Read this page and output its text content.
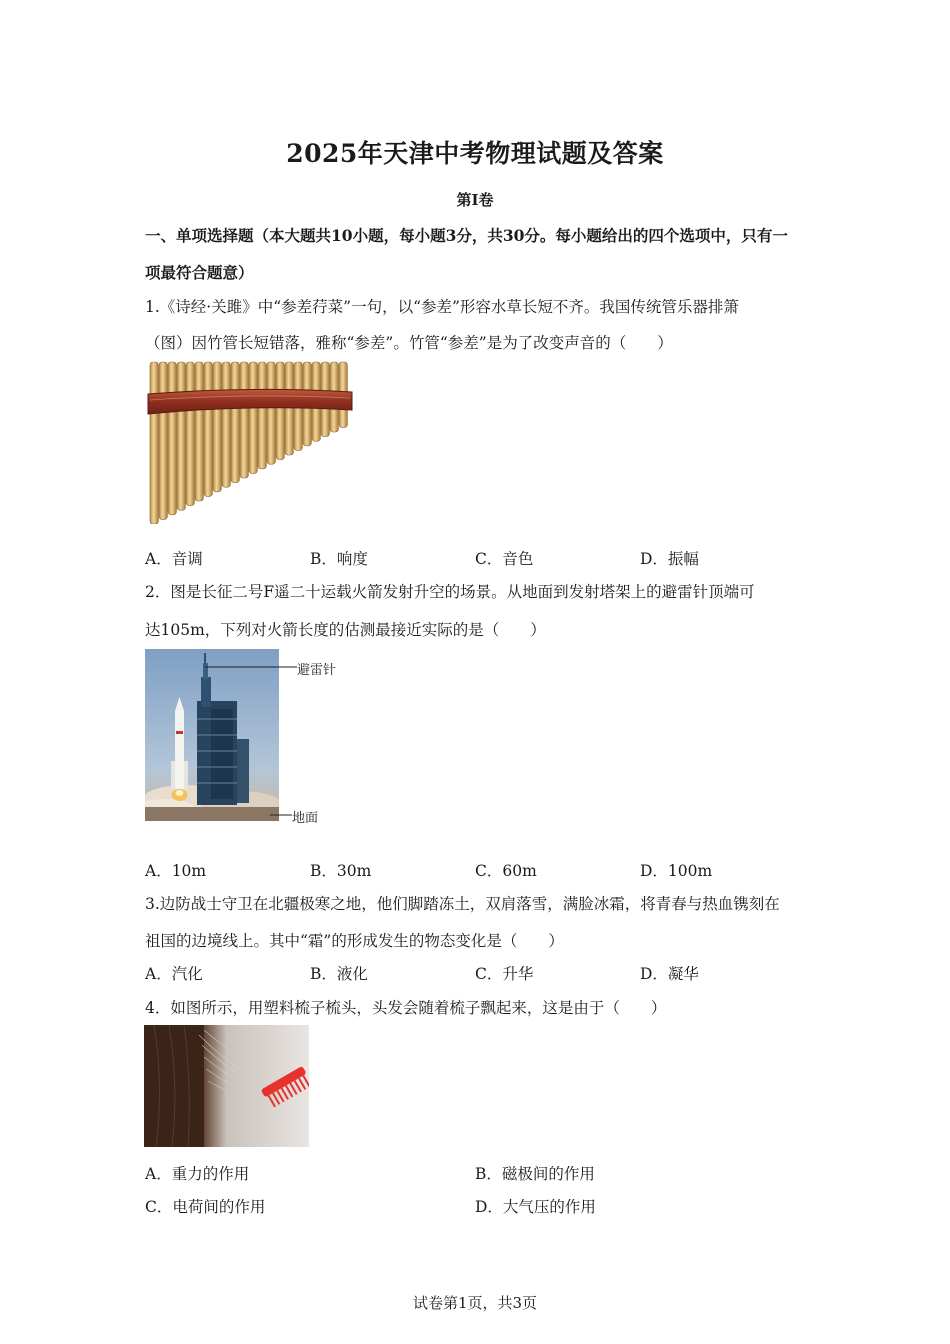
2025年天津中考物理试题及答案
第Ⅰ卷
一、单项选择题（本大题共10小题，每小题3分，共30分。每小题给出的四个选项中，只有一
项最符合题意）
1.《诗经·关雎》中“参差荇菜”一句，以“参差”形容水草长短不齐。我国传统管乐器排箫
（图）因竹管长短错落，雅称“参差”。竹管“参差”是为了改变声音的（　　）
A．音调	B．响度	C．音色	D．振幅
2．图是长征二号F遥二十运载火箭发射升空的场景。从地面到发射塔架上的避雷针顶端可
达105m，下列对火箭长度的估测最接近实际的是（　　）
避雷针
地面
A．10m	B．30m	C．60m	D．100m
3.边防战士守卫在北疆极寒之地，他们脚踏冻土，双肩落雪，满脸冰霜，将青春与热血镌刻在
祖国的边境线上。其中“霜”的形成发生的物态变化是（　　）
A．汽化	B．液化	C．升华	D．凝华
4．如图所示，用塑料梳子梳头，头发会随着梳子飘起来，这是由于（　　）
A．重力的作用	B．磁极间的作用
C．电荷间的作用	D．大气压的作用
试卷第1页，共3页
